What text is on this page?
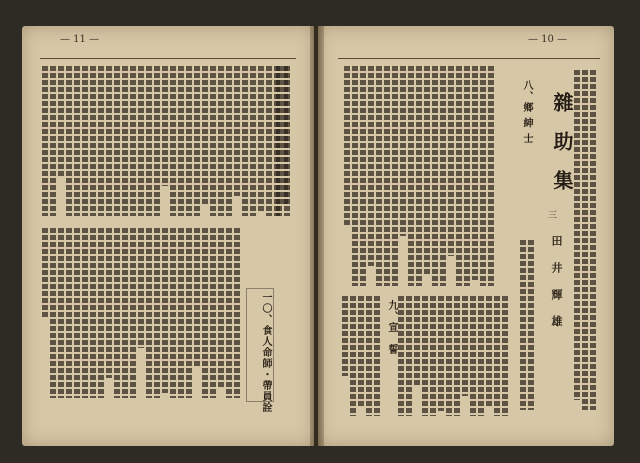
— 11 —	— 10 —
雜 助 集
三
田 井 輝 雄
八、鄉 紳 士
九、宣　誓
一〇、食人命師・帶員詮
